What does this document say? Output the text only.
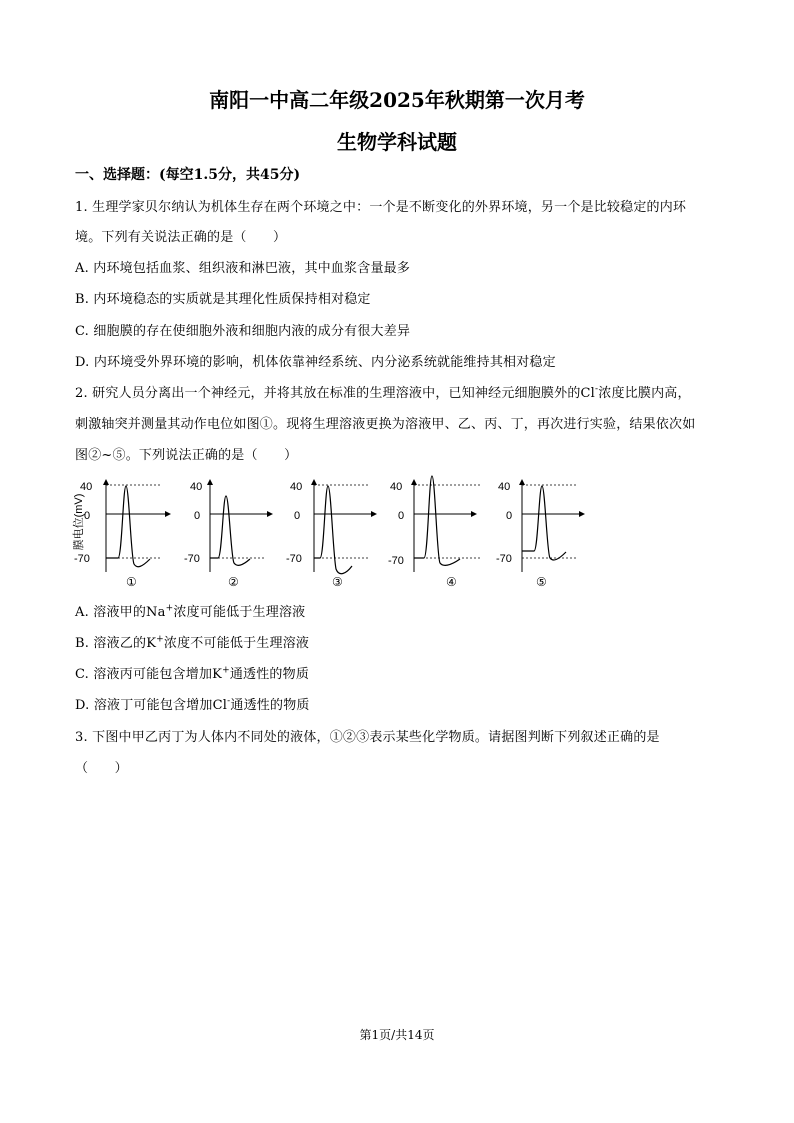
南阳一中高二年级2025年秋期第一次月考
生物学科试题
一、选择题：(每空1.5分，共45分)
1. 生理学家贝尔纳认为机体生存在两个环境之中：一个是不断变化的外界环境，另一个是比较稳定的内环
境。下列有关说法正确的是（　　）
A. 内环境包括血浆、组织液和淋巴液，其中血浆含量最多
B. 内环境稳态的实质就是其理化性质保持相对稳定
C. 细胞膜的存在使细胞外液和细胞内液的成分有很大差异
D. 内环境受外界环境的影响，机体依靠神经系统、内分泌系统就能维持其相对稳定
2. 研究人员分离出一个神经元，并将其放在标准的生理溶液中，已知神经元细胞膜外的Cl-浓度比膜内高，
刺激轴突并测量其动作电位如图①。现将生理溶液更换为溶液甲、乙、丙、丁，再次进行实验，结果依次如
图②~⑤。下列说法正确的是（　　）
膜电位(mV)
40
0
-70
①
40
0
-70
②
40
0
-70
③
40
0
-70
④
40
0
-70
⑤
A. 溶液甲的Na+浓度可能低于生理溶液
B. 溶液乙的K+浓度不可能低于生理溶液
C. 溶液丙可能包含增加K+通透性的物质
D. 溶液丁可能包含增加Cl-通透性的物质
3. 下图中甲乙丙丁为人体内不同处的液体，①②③表示某些化学物质。请据图判断下列叙述正确的是
（　　）
第1页/共14页
